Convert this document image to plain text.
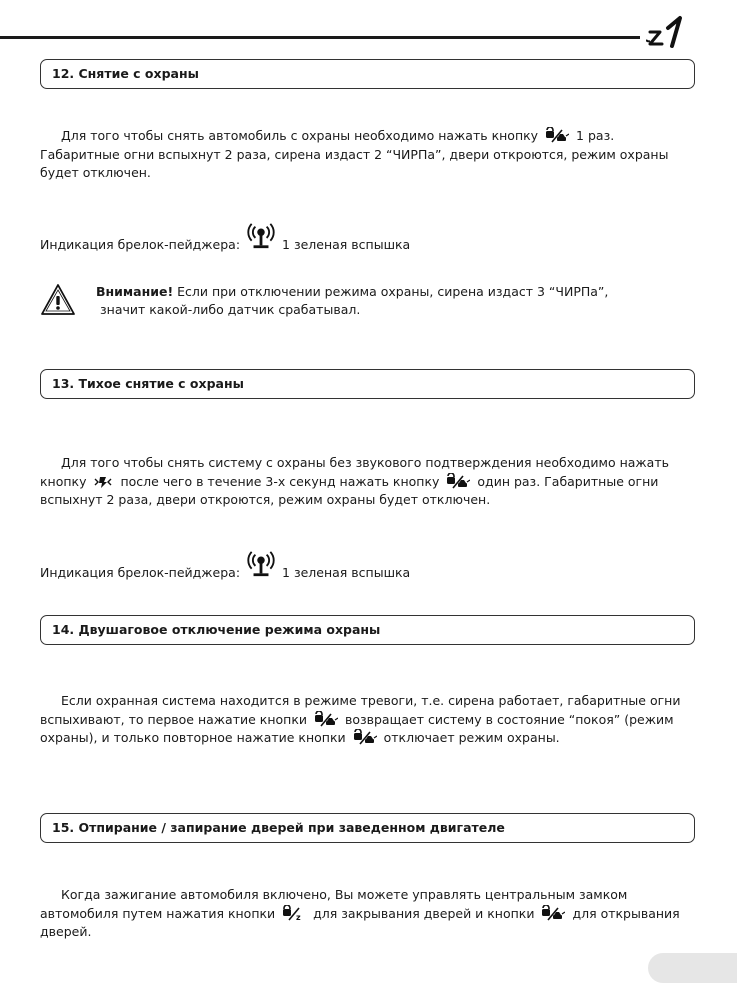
12. Снятие с охраны

Для того чтобы снять автомобиль с охраны необходимо нажать кнопку	1 раз. Габаритные огни вспыхнут 2 раза, сирена издаст 2 “ЧИРПа”, двери откроются, режим охраны будет отключен.

Индикация брелок-пейджера:	1 зеленая вспышка
Внимание! Если при отключении режима охраны, сирена издаст 3 “ЧИРПа”,
значит какой-либо датчик срабатывал.
13. Тихое снятие с охраны

Для того чтобы снять систему с охраны без звукового подтверждения необходимо нажать кнопку	после чего в течение 3-х секунд нажать кнопку	один раз. Габаритные огни вспыхнут 2 раза, двери откроются, режим охраны будет отключен.

Индикация брелок-пейджера:	1 зеленая вспышка
14. Двушаговое отключение режима охраны

Если охранная система находится в режиме тревоги, т.е. сирена работает, габаритные огни вспыхивают, то первое нажатие кнопки	возвращает систему в состояние “покоя” (режим охраны), и только повторное нажатие кнопки	отключает режим охраны.

15. Отпирание / запирание дверей при заведенном двигателе

Когда зажигание автомобиля включено, Вы можете управлять центральным замком автомобиля путем нажатия кнопки	для закрывания дверей и кнопки	для открывания дверей.
